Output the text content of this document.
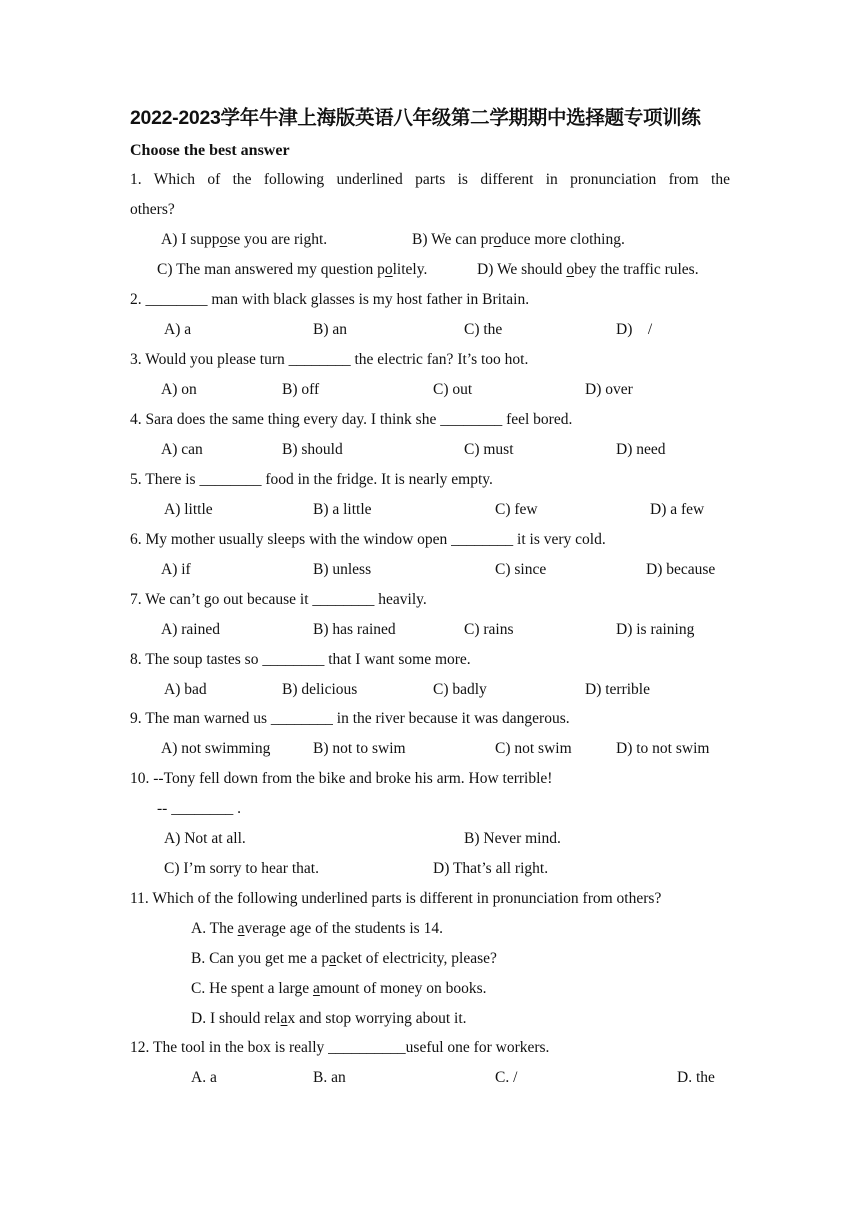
2022-2023学年牛津上海版英语八年级第二学期期中选择题专项训练
Choose the best answer
1. Which of the following underlined parts is different in pronunciation from the
others?
A) I suppose you are right.	B) We can produce more clothing.
C) The man answered my question politely.	D) We should obey the traffic rules.
2. ________ man with black glasses is my host father in Britain.
A) a	B) an	C) the	D)　/
3. Would you please turn ________ the electric fan? It’s too hot.
A) on	B) off	C) out	D) over
4. Sara does the same thing every day. I think she ________ feel bored.
A) can	B) should	C) must	D) need
5. There is ________ food in the fridge. It is nearly empty.
A) little	B) a little	C) few	D) a few
6. My mother usually sleeps with the window open ________ it is very cold.
A) if	B) unless	C) since	D) because
7. We can’t go out because it ________ heavily.
A) rained	B) has rained	C) rains	D) is raining
8. The soup tastes so ________ that I want some more.
A) bad	B) delicious	C) badly	D) terrible
9. The man warned us ________ in the river because it was dangerous.
A) not swimming	B) not to swim	C) not swim	D) to not swim
10. --Tony fell down from the bike and broke his arm. How terrible!
-- ________ .
A) Not at all.	B) Never mind.
C) I’m sorry to hear that.	D) That’s all right.
11. Which of the following underlined parts is different in pronunciation from others?
A. The average age of the students is 14.
B. Can you get me a packet of electricity, please?
C. He spent a large amount of money on books.
D. I should relax and stop worrying about it.
12. The tool in the box is really __________useful one for workers.
A. a	B. an	C. /	D. the
